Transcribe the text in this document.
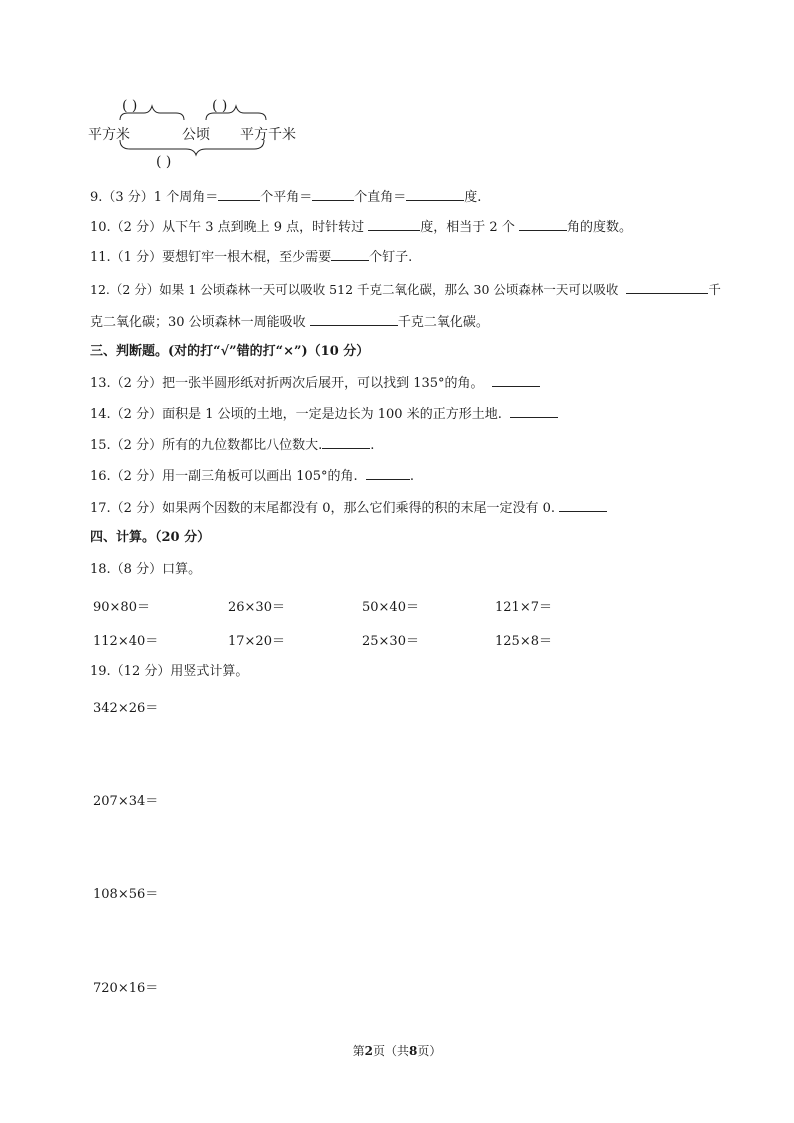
( )	( )
平方米	公顷 平方千米
( )
9.（3 分）1 个周角＝	个平角＝	个直角＝	度.
10.（2 分）从下午 3 点到晚上 9 点，时针转过	度，相当于 2 个	角的度数。
11.（1 分）要想钉牢一根木棍，至少需要	个钉子.
12.（2 分）如果 1 公顷森林一天可以吸收 512 千克二氧化碳，那么 30 公顷森林一天可以吸收	千
克二氧化碳；30 公顷森林一周能吸收	千克二氧化碳。
三、判断题。(对的打“√”错的打“×”)（10 分）
13.（2 分）把一张半圆形纸对折两次后展开，可以找到 135°的角。
14.（2 分）面积是 1 公顷的土地，一定是边长为 100 米的正方形土地.
15.（2 分）所有的九位数都比八位数大.	.
16.（2 分）用一副三角板可以画出 105°的角.	.
17.（2 分）如果两个因数的末尾都没有 0，那么它们乘得的积的末尾一定没有 0.
四、计算。（20 分）
18.（8 分）口算。
90×80＝	26×30＝	50×40＝	121×7＝
112×40＝	17×20＝	25×30＝	125×8＝
19.（12 分）用竖式计算。
342×26＝
207×34＝
108×56＝
720×16＝
第2页（共8页）
